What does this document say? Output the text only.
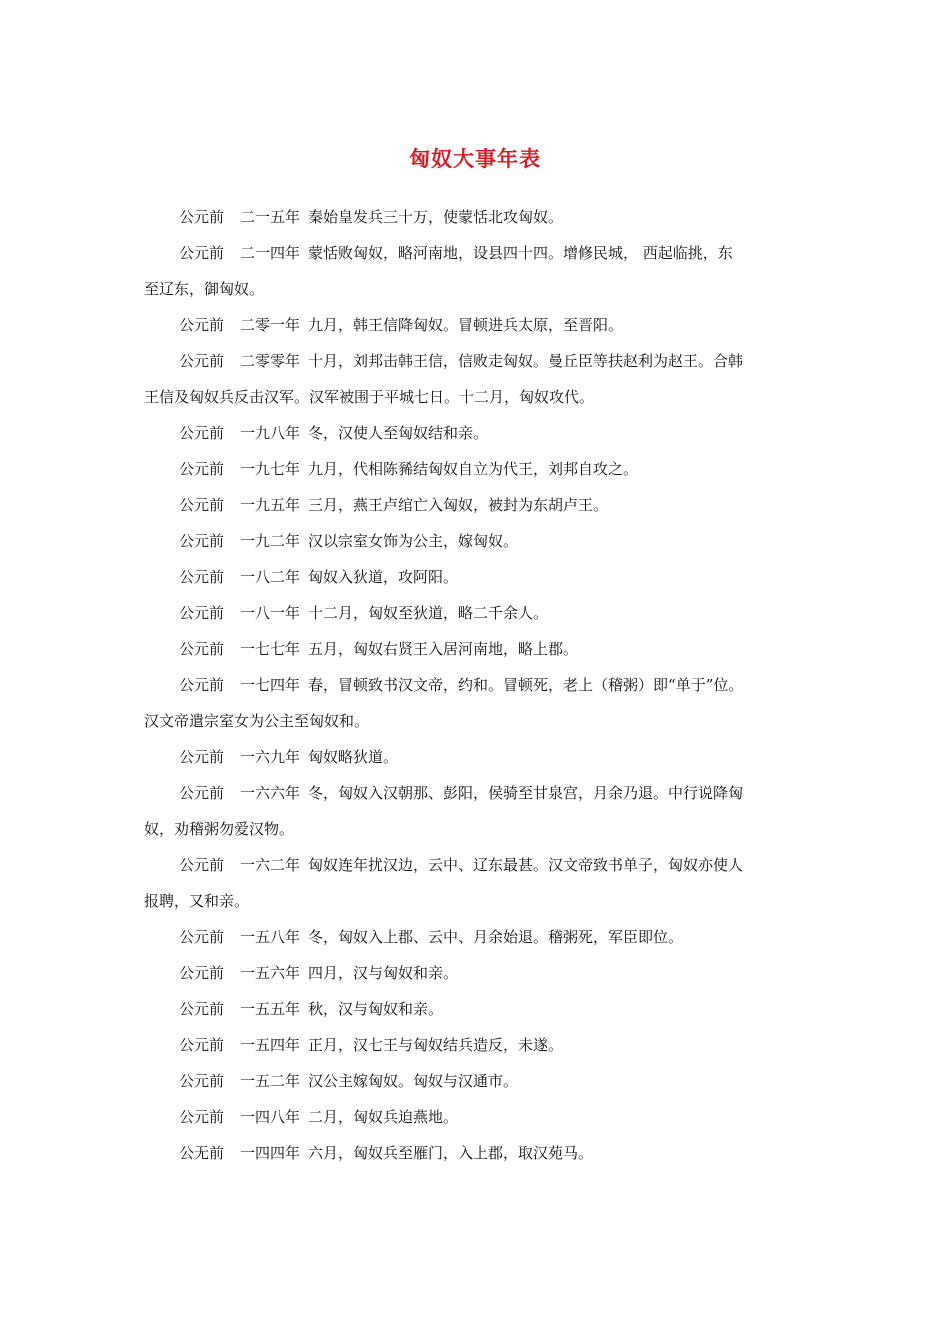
匈奴大事年表
公元前 二一五年 秦始皇发兵三十万，使蒙恬北攻匈奴。
公元前 二一四年 蒙恬败匈奴，略河南地，设县四十四。增修民城， 西起临挑，东
至辽东，御匈奴。
公元前 二零一年 九月，韩王信降匈奴。冒顿进兵太原，至晋阳。
公元前 二零零年 十月，刘邦击韩王信，信败走匈奴。曼丘臣等扶赵利为赵王。合韩
王信及匈奴兵反击汉军。汉军被围于平城七日。十二月，匈奴攻代。
公元前 一九八年 冬，汉使人至匈奴结和亲。
公元前 一九七年 九月，代相陈豨结匈奴自立为代王，刘邦自攻之。
公元前 一九五年 三月，燕王卢绾亡入匈奴，被封为东胡卢王。
公元前 一九二年 汉以宗室女饰为公主，嫁匈奴。
公元前 一八二年 匈奴入狄道，攻阿阳。
公元前 一八一年 十二月，匈奴至狄道，略二千余人。
公元前 一七七年 五月，匈奴右贤王入居河南地，略上郡。
公元前 一七四年 春，冒顿致书汉文帝，约和。冒顿死，老上（稽粥）即“单于”位。
汉文帝遣宗室女为公主至匈奴和。
公元前 一六九年 匈奴略狄道。
公元前 一六六年 冬，匈奴入汉朝那、彭阳，侯骑至甘泉宫，月余乃退。中行说降匈
奴，劝稽粥勿爱汉物。
公元前 一六二年 匈奴连年扰汉边，云中、辽东最甚。汉文帝致书单子，匈奴亦使人
报聘，又和亲。
公元前 一五八年 冬，匈奴入上郡、云中、月余始退。稽粥死，军臣即位。
公元前 一五六年 四月，汉与匈奴和亲。
公元前 一五五年 秋，汉与匈奴和亲。
公元前 一五四年 正月，汉七王与匈奴结兵造反，未遂。
公元前 一五二年 汉公主嫁匈奴。匈奴与汉通市。
公元前 一四八年 二月，匈奴兵迫燕地。
公无前 一四四年 六月，匈奴兵至雁门，入上郡，取汉苑马。
